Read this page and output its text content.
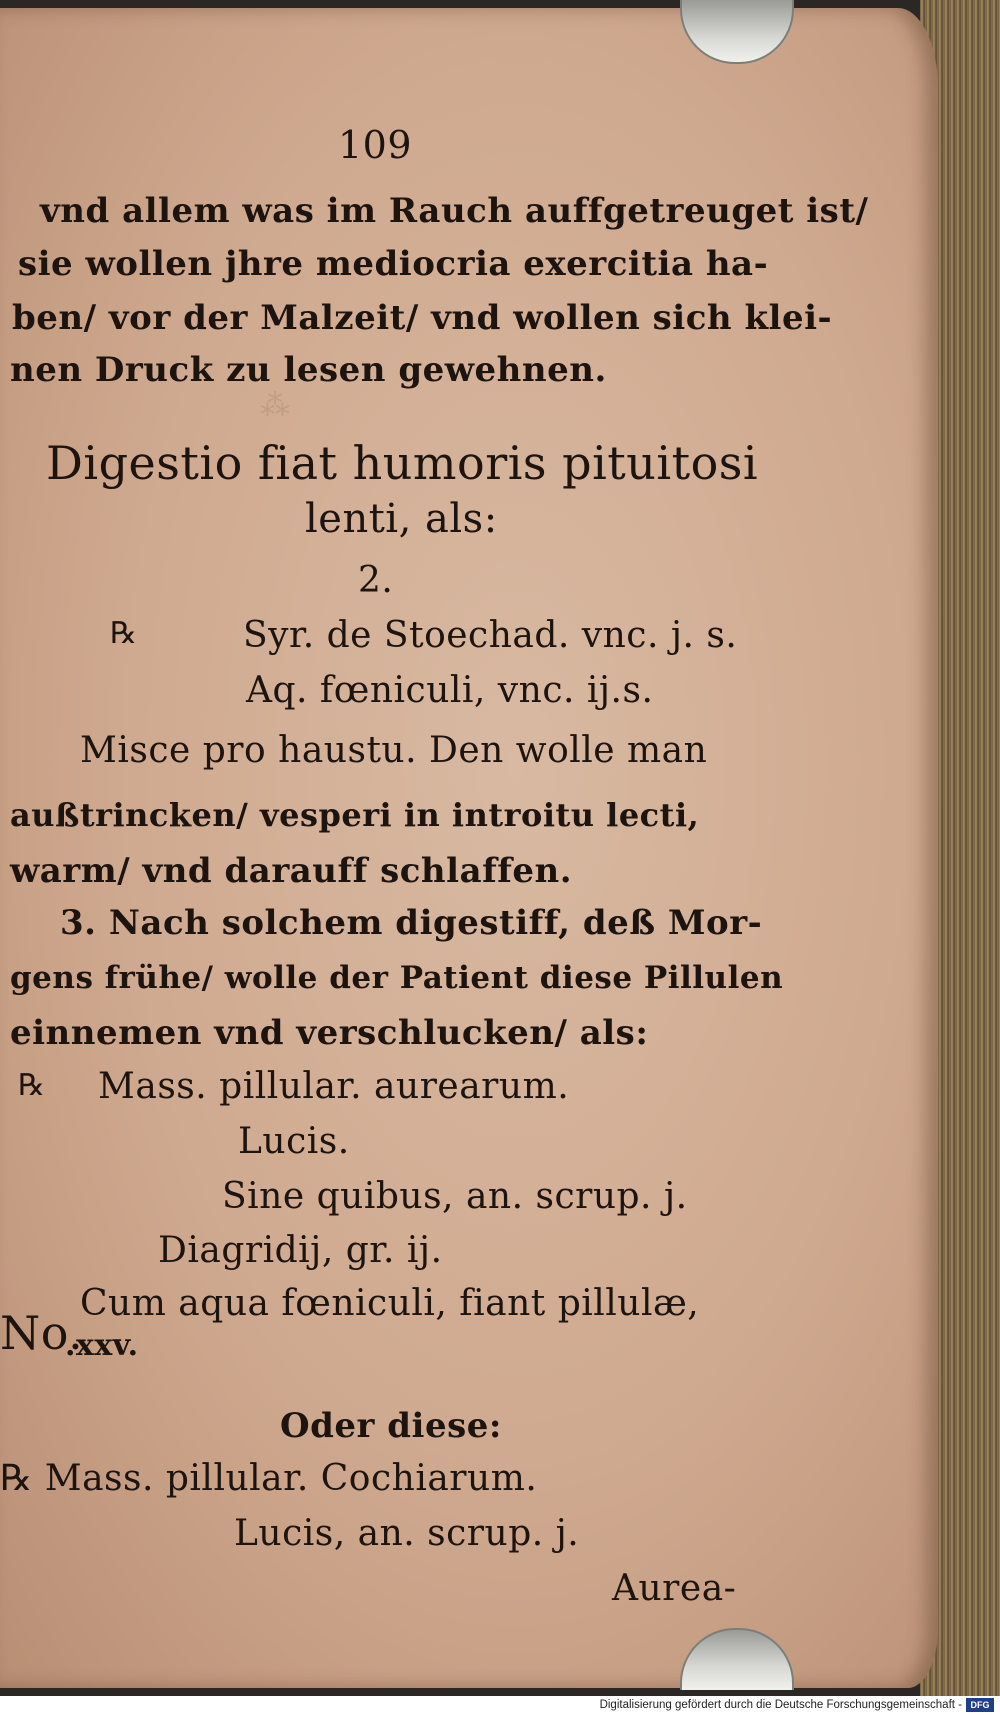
⁂
109
vnd allem was im Rauch auffgetreuget ist/
sie wollen jhre mediocria exercitia ha-
ben/ vor der Malzeit/ vnd wollen sich klei-
nen Druck zu lesen gewehnen.
Digestio fiat humoris pituitosi
lenti, als:
2.
℞	Syr. de Stoechad. vnc. j. s.
Aq. fœniculi, vnc. ij.s.
Misce pro haustu. Den wolle man
außtrincken/ vesperi in introitu lecti,
warm/ vnd darauff schlaffen.
3. Nach solchem digestiff, deß Mor-
gens frühe/ wolle der Patient diese Pillulen
einnemen vnd verschlucken/ als:
℞ Mass. pillular. aurearum.
Lucis.
Sine quibus, an. scrup. j.
Diagridij, gr. ij.
Cum aqua fœniculi, fiant pillulæ,
No.
.xxv.
Oder diese:
℞ Mass. pillular. Cochiarum.
Lucis, an. scrup. j.
Aurea-
Digitalisierung gefördert durch die Deutsche Forschungsgemeinschaft - DFG
